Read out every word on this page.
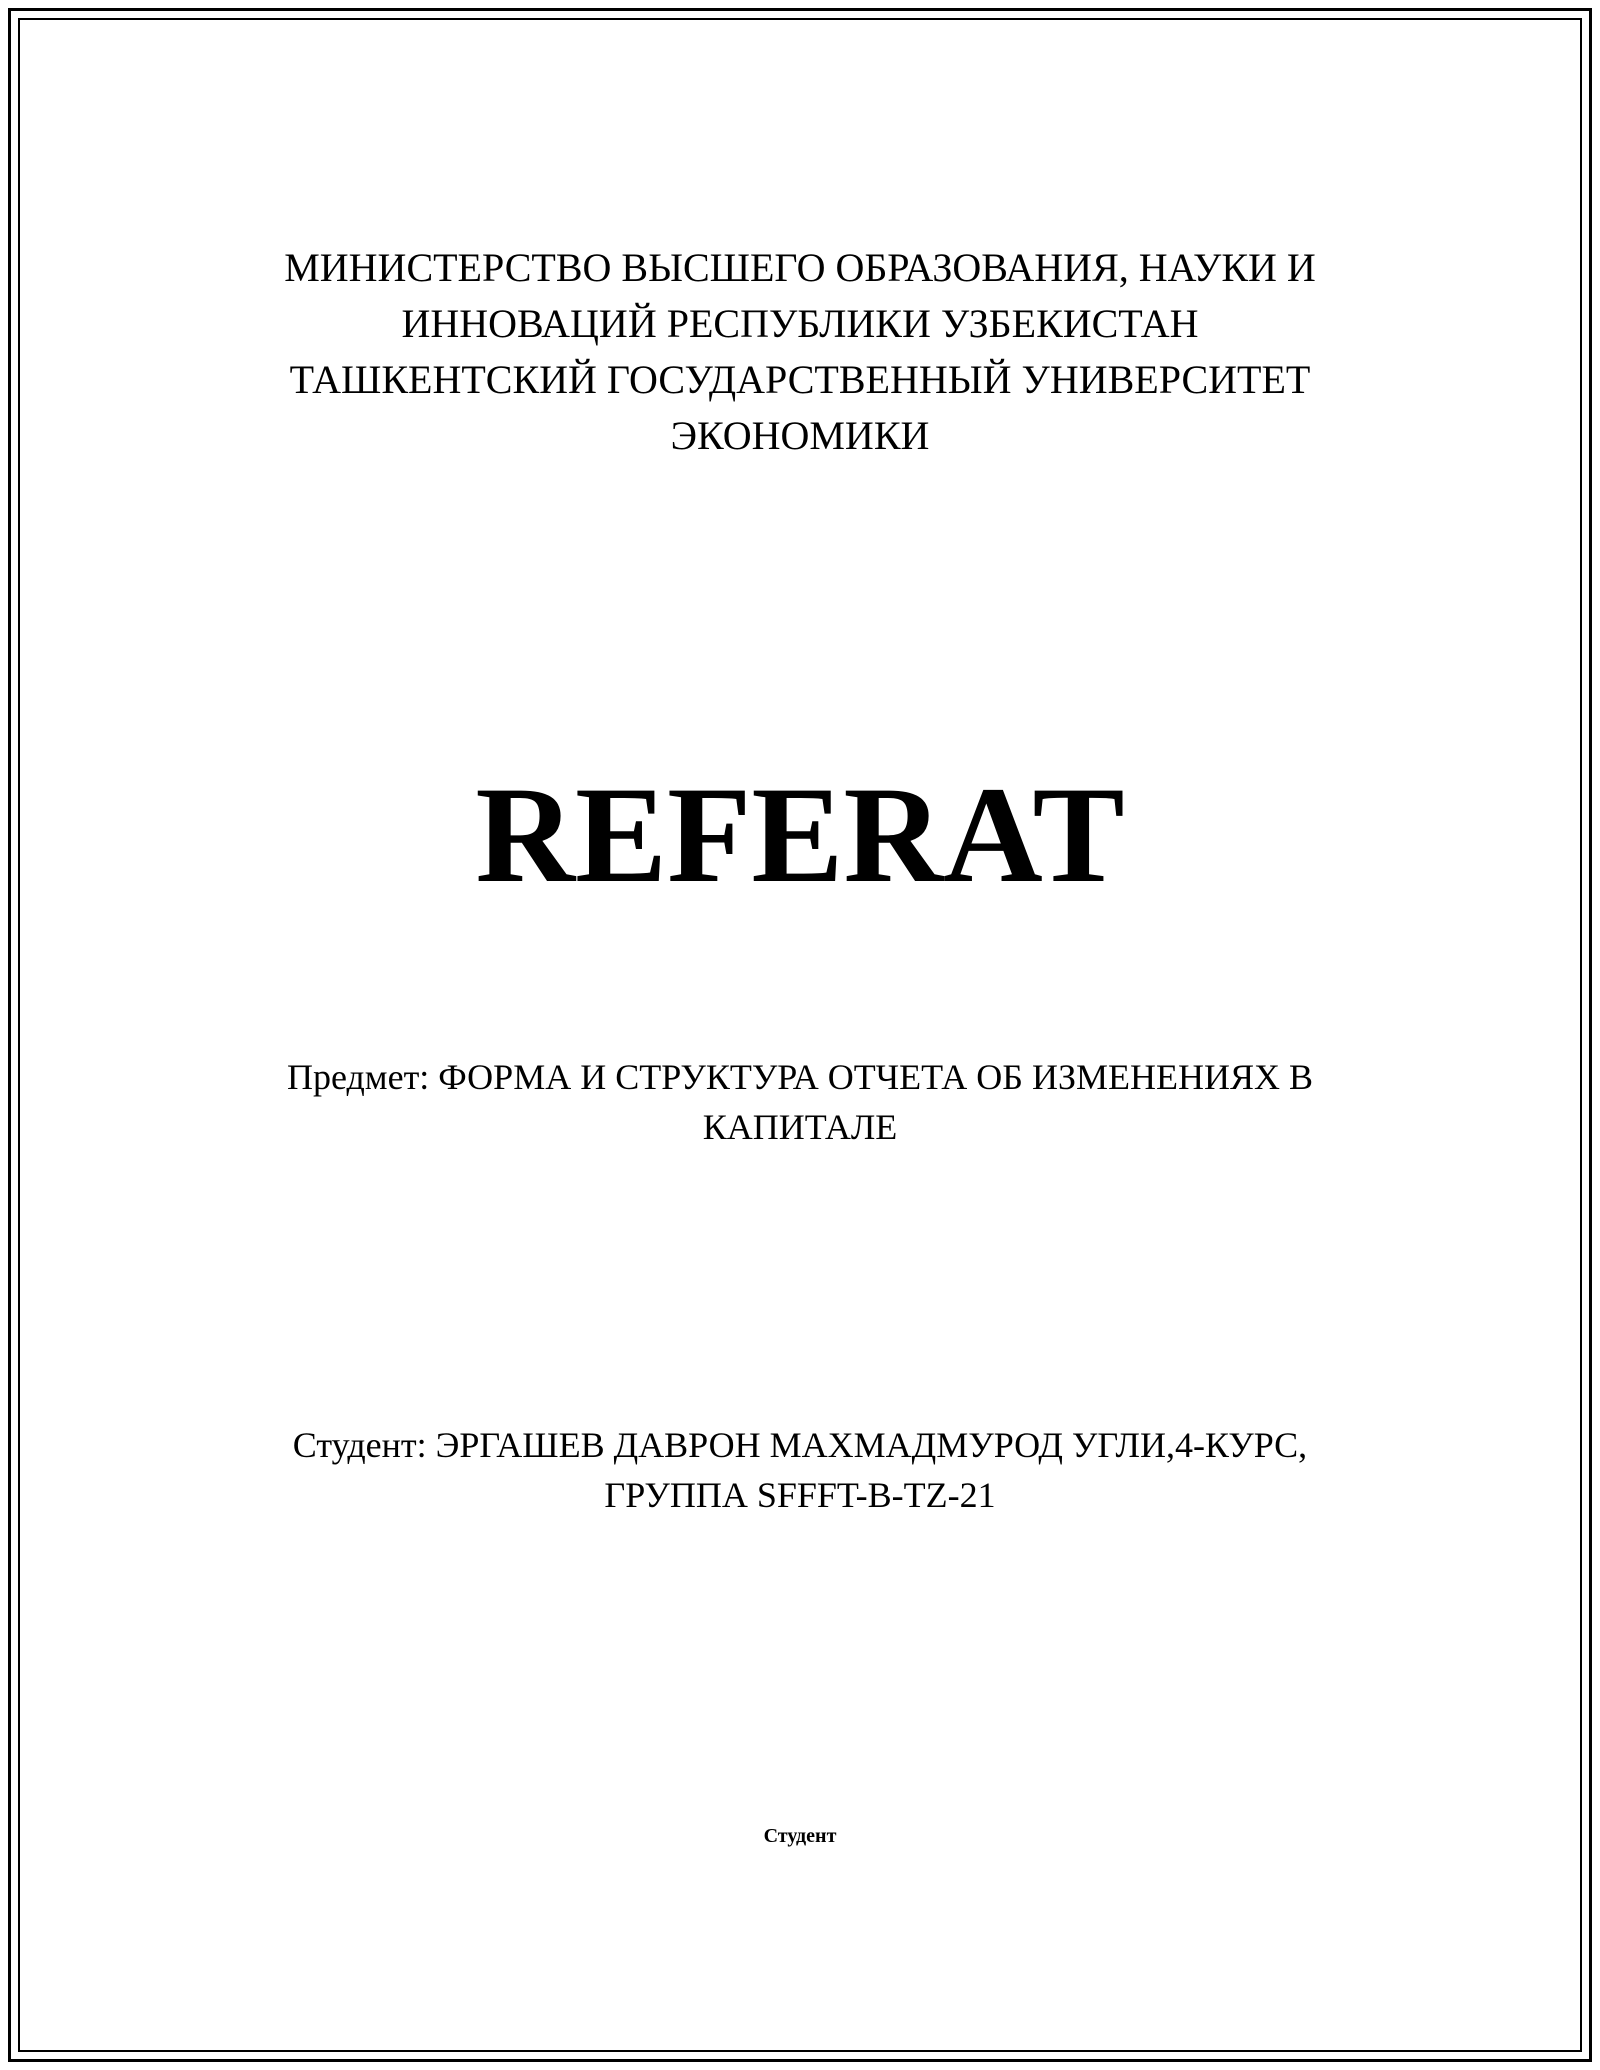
МИНИСТЕРСТВО ВЫСШЕГО ОБРАЗОВАНИЯ, НАУКИ И
ИННОВАЦИЙ РЕСПУБЛИКИ УЗБЕКИСТАН
ТАШКЕНТСКИЙ ГОСУДАРСТВЕННЫЙ УНИВЕРСИТЕТ
ЭКОНОМИКИ
REFERAT
Предмет: ФОРМА И СТРУКТУРА ОТЧЕТА ОБ ИЗМЕНЕНИЯХ В
КАПИТАЛЕ
Студент: ЭРГАШЕВ ДАВРОН МАХМАДМУРОД УГЛИ,4-КУРС,
ГРУППА SFFFT-B-TZ-21
Студент
